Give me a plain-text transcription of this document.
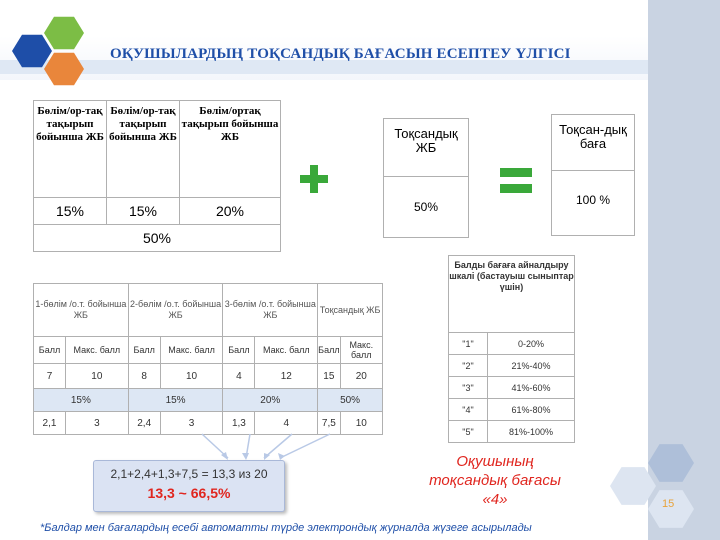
ОҚУШЫЛАРДЫҢ ТОҚСАНДЫҚ БАҒАСЫН ЕСЕПТЕУ ҮЛГІСІ
Бөлім/ор-тақ тақырып бойынша ЖБ	Бөлім/ор-тақ тақырып бойынша ЖБ	Бөлім/ортақ тақырып бойынша ЖБ
15%	15%	20%
50%		
Тоқсандық ЖБ
50%
Тоқсан-дық баға
100 %
1-бөлім /о.т. бойынша ЖБ		2-бөлім /о.т. бойынша ЖБ		3-бөлім /о.т. бойынша ЖБ		Тоқсандық ЖБ	
Балл	Макс. балл	Балл	Макс. балл	Балл	Макс. балл	Балл	Макс. балл
7	10	8	10	4	12	15	20
15%		15%		20%		50%	
2,1	3	2,4	3	1,3	4	7,5	10
2,1+2,4+1,3+7,5 = 13,3 из 20
13,3 ~ 66,5%
Балды бағаға айналдыру шкалі (бастауыш сыныптар үшін)	
"1"	0-20%
"2"	21%-40%
"3"	41%-60%
"4"	61%-80%
"5"	81%-100%
Оқушының
тоқсандық бағасы
«4»	15
*Балдар мен бағалардың есебі автоматты түрде электрондық журналда жүзеге асырылады
